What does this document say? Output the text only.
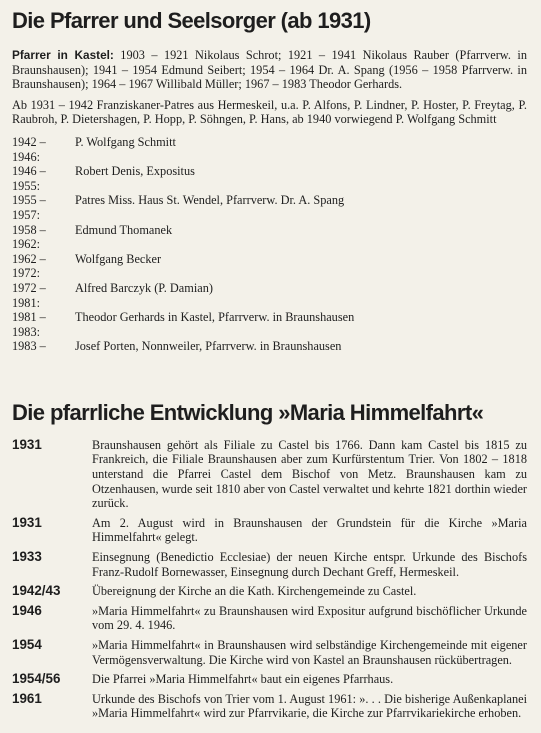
Die Pfarrer und Seelsorger (ab 1931)

Pfarrer in Kastel: 1903 – 1921 Nikolaus Schrot; 1921 – 1941 Nikolaus Rauber (Pfarrverw. in Braunshausen); 1941 – 1954 Edmund Seibert; 1954 – 1964 Dr. A. Spang (1956 – 1958 Pfarrverw. in Braunshausen); 1964 – 1967 Willibald Müller; 1967 – 1983 Theodor Gerhards.

Ab 1931 – 1942 Franziskaner-Patres aus Hermeskeil, u.a. P. Alfons, P. Lindner, P. Hoster, P. Freytag, P. Raubroh, P. Dietershagen, P. Hopp, P. Söhngen, P. Hans, ab 1940 vorwiegend P. Wolfgang Schmitt

1942 – 1946:
P. Wolfgang Schmitt
1946 – 1955:
Robert Denis, Expositus
1955 – 1957:
Patres Miss. Haus St. Wendel, Pfarrverw. Dr. A. Spang
1958 – 1962:
Edmund Thomanek
1962 – 1972:
Wolfgang Becker
1972 – 1981:
Alfred Barczyk (P. Damian)
1981 – 1983:
Theodor Gerhards in Kastel, Pfarrverw. in Braunshausen
1983 –	Josef Porten, Nonnweiler, Pfarrverw. in Braunshausen
Die pfarrliche Entwicklung »Maria Himmelfahrt«
1931	Braunshausen gehört als Filiale zu Castel bis 1766. Dann kam Castel bis 1815 zu Frankreich, die Filiale Braunshausen aber zum Kurfürstentum Trier. Von 1802 – 1818 unterstand die Pfarrei Castel dem Bischof von Metz. Braunshausen kam zu Otzenhausen, wurde seit 1810 aber von Castel verwaltet und kehrte 1821 dorthin wieder zurück.
1931	Am 2. August wird in Braunshausen der Grundstein für die Kirche »Maria Himmelfahrt« gelegt.
1933	Einsegnung (Benedictio Ecclesiae) der neuen Kirche entspr. Urkunde des Bischofs Franz-Rudolf Bornewasser, Einsegnung durch Dechant Greff, Hermeskeil.
1942/43	Übereignung der Kirche an die Kath. Kirchengemeinde zu Castel.
1946	»Maria Himmelfahrt« zu Braunshausen wird Expositur aufgrund bischöflicher Urkunde vom 29. 4. 1946.
1954	»Maria Himmelfahrt« in Braunshausen wird selbständige Kirchengemeinde mit eigener Vermögensverwaltung. Die Kirche wird von Kastel an Braunshausen rückübertragen.
1954/56	Die Pfarrei »Maria Himmelfahrt« baut ein eigenes Pfarrhaus.
1961	Urkunde des Bischofs von Trier vom 1. August 1961: ». . . Die bisherige Außenkaplanei »Maria Himmelfahrt« wird zur Pfarrvikarie, die Kirche zur Pfarrvikariekirche erhoben.
